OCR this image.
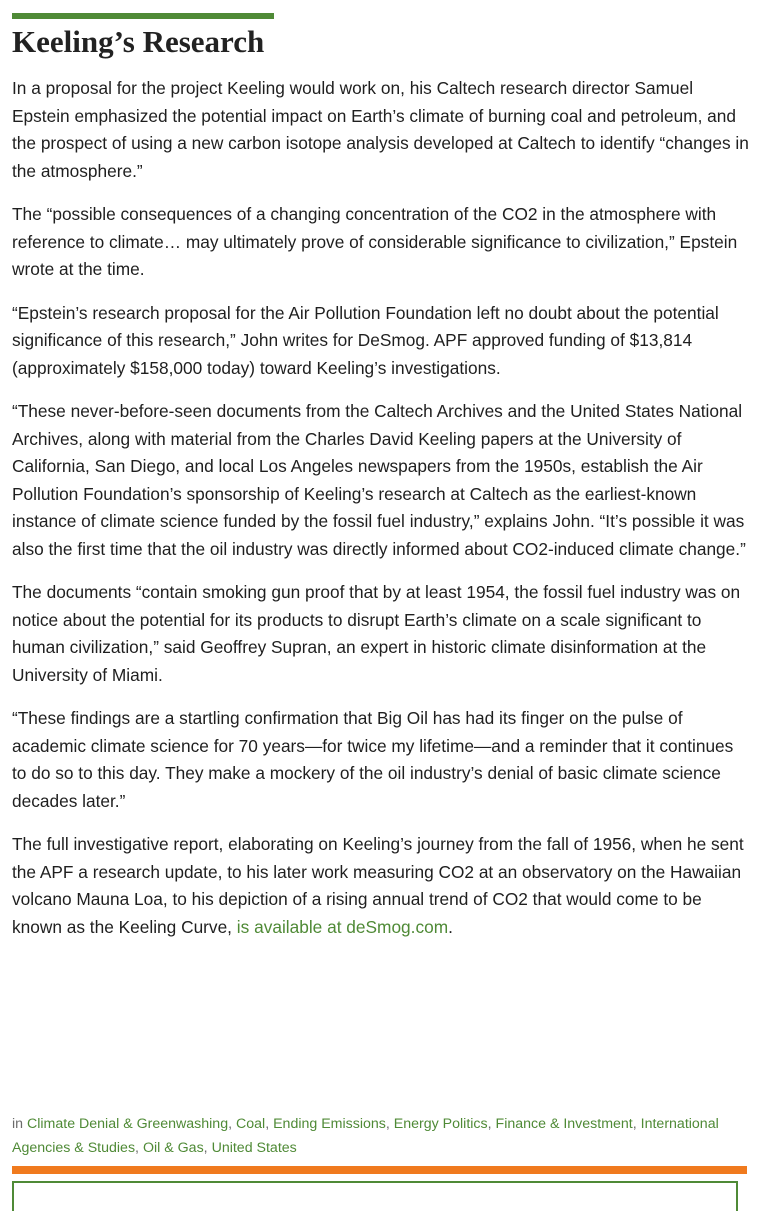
Keeling’s Research

In a proposal for the project Keeling would work on, his Caltech research director Samuel Epstein emphasized the potential impact on Earth’s climate of burning coal and petroleum, and the prospect of using a new carbon isotope analysis developed at Caltech to identify “changes in the atmosphere.”

The “possible consequences of a changing concentration of the CO2 in the atmosphere with reference to climate… may ultimately prove of considerable significance to civilization,” Epstein wrote at the time.

“Epstein’s research proposal for the Air Pollution Foundation left no doubt about the potential significance of this research,” John writes for DeSmog. APF approved funding of $13,814 (approximately $158,000 today) toward Keeling’s investigations.

“These never-before-seen documents from the Caltech Archives and the United States National Archives, along with material from the Charles David Keeling papers at the University of California, San Diego, and local Los Angeles newspapers from the 1950s, establish the Air Pollution Foundation’s sponsorship of Keeling’s research at Caltech as the earliest-known instance of climate science funded by the fossil fuel industry,” explains John. “It’s possible it was also the first time that the oil industry was directly informed about CO2-induced climate change.”

The documents “contain smoking gun proof that by at least 1954, the fossil fuel industry was on notice about the potential for its products to disrupt Earth’s climate on a scale significant to human civilization,” said Geoffrey Supran, an expert in historic climate disinformation at the University of Miami.

“These findings are a startling confirmation that Big Oil has had its finger on the pulse of academic climate science for 70 years—for twice my lifetime—and a reminder that it continues to do so to this day. They make a mockery of the oil industry’s denial of basic climate science decades later.”

The full investigative report, elaborating on Keeling’s journey from the fall of 1956, when he sent the APF a research update, to his later work measuring CO2 at an observatory on the Hawaiian volcano Mauna Loa, to his depiction of a rising annual trend of CO2 that would come to be known as the Keeling Curve, is available at deSmog.com.

in Climate Denial & Greenwashing, Coal, Ending Emissions, Energy Politics, Finance & Investment, International Agencies & Studies, Oil & Gas, United States
